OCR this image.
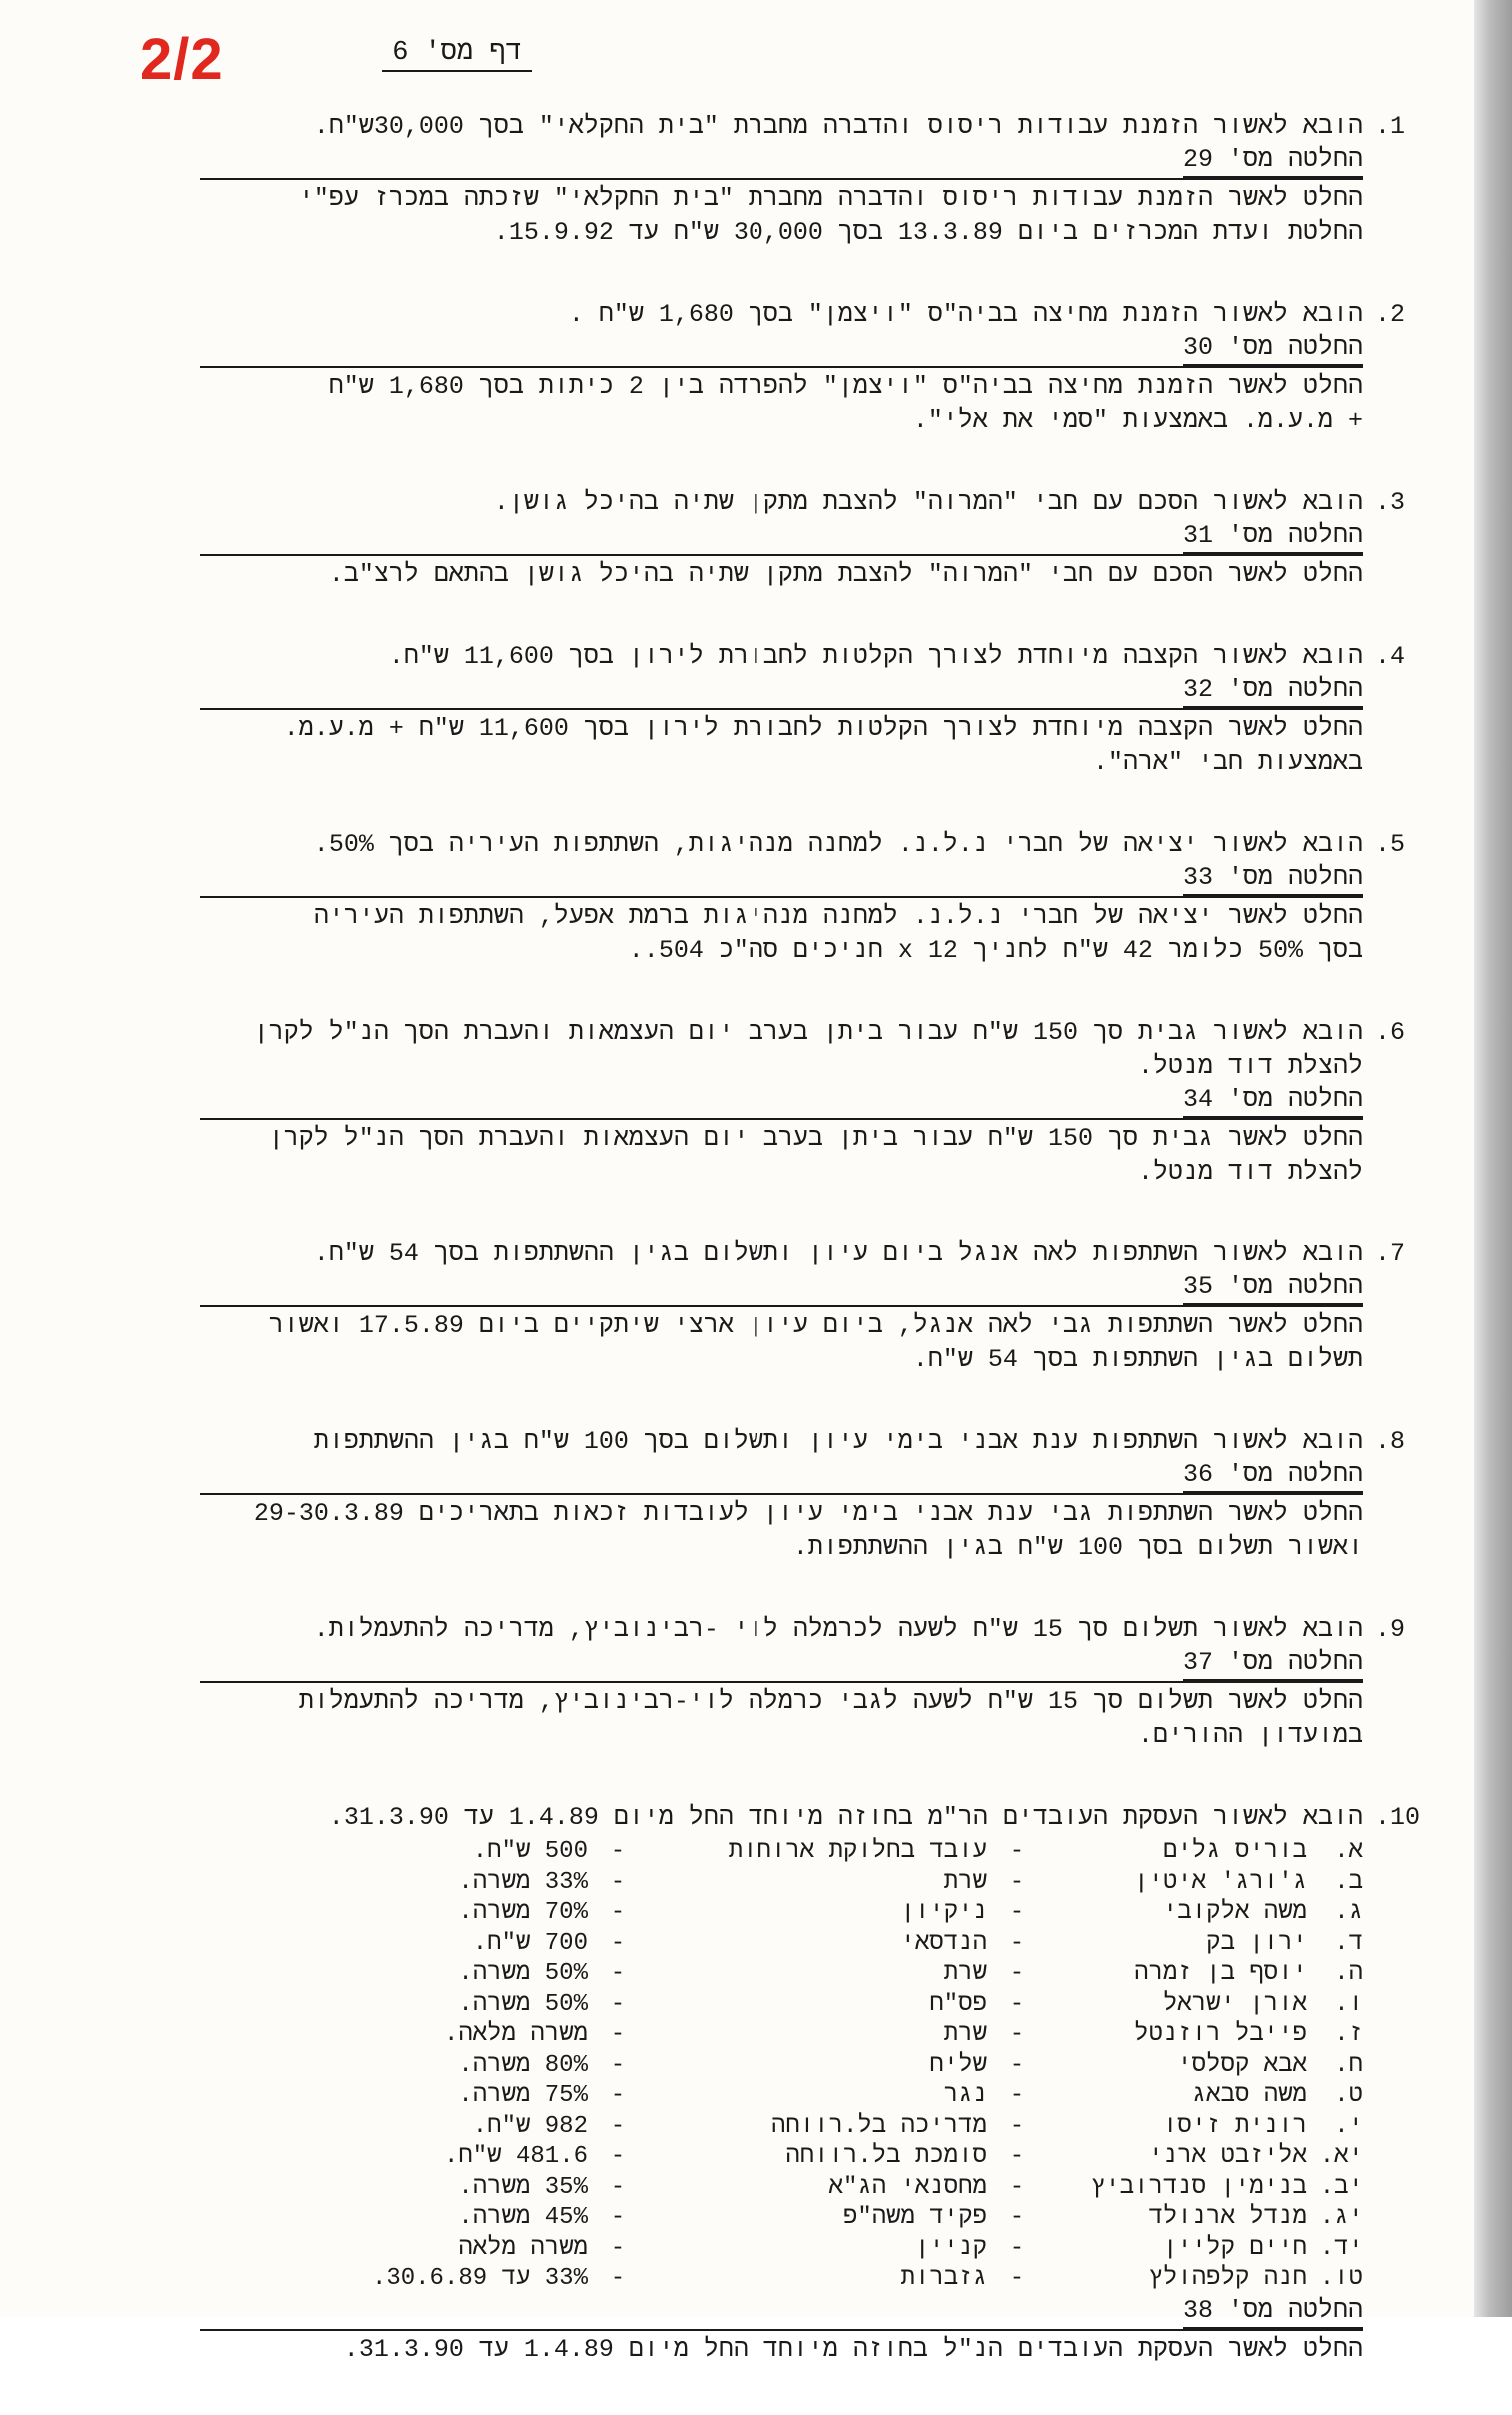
2/2	דף מס' 6
.1
הובא לאשור הזמנת עבודות ריסוס והדברה מחברת "בית החקלאי" בסך 30,000ש"ח.
החלטה מס' 29
החלט לאשר הזמנת עבודות ריסוס והדברה מחברת "בית החקלאי" שזכתה במכרז עפ"י
החלטת ועדת המכרזים ביום 13.3.89 בסך 30,000 ש"ח עד 15.9.92.
.2
הובא לאשור הזמנת מחיצה בביה"ס "ויצמן" בסך 1,680 ש"ח .
החלטה מס' 30
החלט לאשר הזמנת מחיצה בביה"ס "ויצמן" להפרדה בין 2 כיתות בסך 1,680 ש"ח
+ מ.ע.מ. באמצעות "סמי את אלי".
.3
הובא לאשור הסכם עם חבי "המרוה" להצבת מתקן שתיה בהיכל גושן.
החלטה מס' 31
החלט לאשר הסכם עם חבי "המרוה" להצבת מתקן שתיה בהיכל גושן בהתאם לרצ"ב.
.4
הובא לאשור הקצבה מיוחדת לצורך הקלטות לחבורת לירון בסך 11,600 ש"ח.
החלטה מס' 32
החלט לאשר הקצבה מיוחדת לצורך הקלטות לחבורת לירון בסך 11,600 ש"ח + מ.ע.מ.
באמצעות חבי "ארה".
.5
הובא לאשור יציאה של חברי נ.ל.נ. למחנה מנהיגות, השתתפות העיריה בסך 50%.
החלטה מס' 33
החלט לאשר יציאה של חברי נ.ל.נ. למחנה מנהיגות ברמת אפעל, השתתפות העיריה
בסך 50% כלומר 42 ש"ח לחניך x 12 חניכים סה"כ 504..
.6
הובא לאשור גבית סך 150 ש"ח עבור ביתן בערב יום העצמאות והעברת הסך הנ"ל לקרן להצלת דוד מנטל.
החלטה מס' 34
החלט לאשר גבית סך 150 ש"ח עבור ביתן בערב יום העצמאות והעברת הסך הנ"ל לקרן
להצלת דוד מנטל.
.7
הובא לאשור השתתפות לאה אנגל ביום עיון ותשלום בגין ההשתתפות בסך 54 ש"ח.
החלטה מס' 35
החלט לאשר השתתפות גבי לאה אנגל, ביום עיון ארצי שיתקיים ביום 17.5.89 ואשור
תשלום בגין השתתפות בסך 54 ש"ח.
.8
הובא לאשור השתתפות ענת אבני בימי עיון ותשלום בסך 100 ש"ח בגין ההשתתפות
החלטה מס' 36
החלט לאשר השתתפות גבי ענת אבני בימי עיון לעובדות זכאות בתאריכים 29-30.3.89
ואשור תשלום בסך 100 ש"ח בגין ההשתתפות.
.9
הובא לאשור תשלום סך 15 ש"ח לשעה לכרמלה לוי -רבינוביץ, מדריכה להתעמלות.
החלטה מס' 37
החלט לאשר תשלום סך 15 ש"ח לשעה לגבי כרמלה לוי-רבינוביץ, מדריכה להתעמלות
במועדון ההורים.
.10
הובא לאשור העסקת העובדים הר"מ בחוזה מיוחד החל מיום 1.4.89 עד 31.3.90.
א.	בוריס גלים	-	עובד בחלוקת ארוחות	-	500 ש"ח.
ב.	ג'ורג' איטין	-	שרת	-	33% משרה.
ג.	משה אלקובי	-	ניקיון	-	70% משרה.
ד.	ירון בק	-	הנדסאי	-	700 ש"ח.
ה.	יוסף בן זמרה	-	שרת	-	50% משרה.
ו.	אורן ישראל	-	פס"ח	-	50% משרה.
ז.	פייבל רוזנטל	-	שרת	-	משרה מלאה.
ח.	אבא קסלסי	-	שליח	-	80% משרה.
ט.	משה סבאג	-	נגר	-	75% משרה.
י.	רונית זיסו	-	מדריכה בל.רווחה	-	982 ש"ח.
יא.	אליזבט ארני	-	סומכת בל.רווחה	-	481.6 ש"ח.
יב.	בנימין סנדרוביץ	-	מחסנאי הג"א	-	35% משרה.
יג.	מנדל ארנולד	-	פקיד משה"פ	-	45% משרה.
יד.	חיים קליין	-	קניין	-	משרה מלאה
טו.	חנה קלפהולץ	-	גזברות	-	33% עד 30.6.89.
החלטה מס' 38
החלט לאשר העסקת העובדים הנ"ל בחוזה מיוחד החל מיום 1.4.89 עד 31.3.90.
